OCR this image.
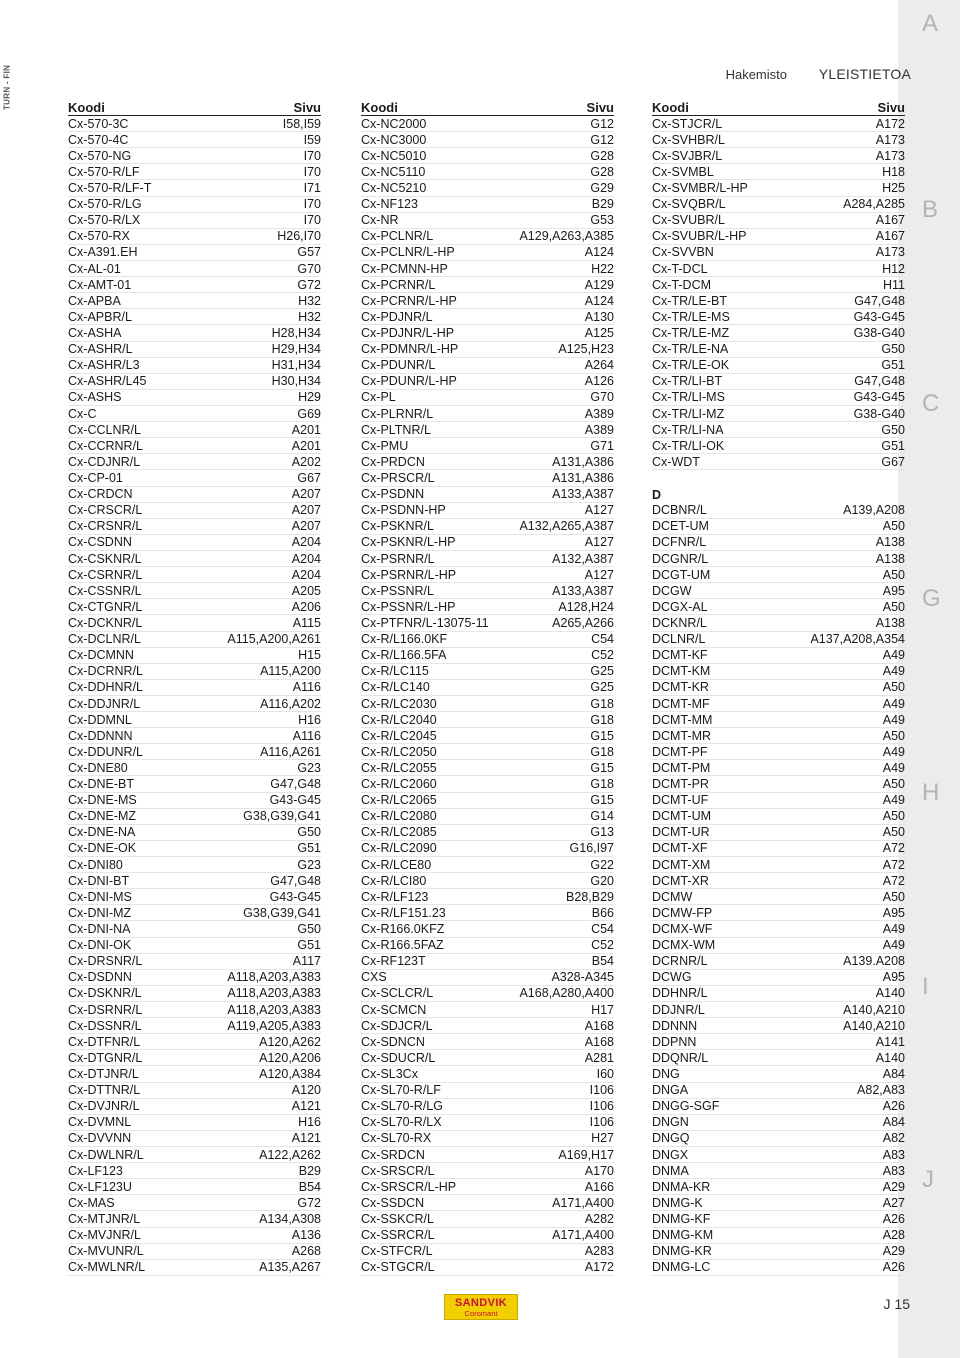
TURN - FIN
A
B
C
G
H
I
J
Hakemisto YLEISTIETOA
Koodi	Sivu
Cx-570-3C	I58,I59
Cx-570-4C	I59
Cx-570-NG	I70
Cx-570-R/LF	I70
Cx-570-R/LF-T	I71
Cx-570-R/LG	I70
Cx-570-R/LX	I70
Cx-570-RX	H26,I70
Cx-A391.EH	G57
Cx-AL-01	G70
Cx-AMT-01	G72
Cx-APBA	H32
Cx-APBR/L	H32
Cx-ASHA	H28,H34
Cx-ASHR/L	H29,H34
Cx-ASHR/L3	H31,H34
Cx-ASHR/L45	H30,H34
Cx-ASHS	H29
Cx-C	G69
Cx-CCLNR/L	A201
Cx-CCRNR/L	A201
Cx-CDJNR/L	A202
Cx-CP-01	G67
Cx-CRDCN	A207
Cx-CRSCR/L	A207
Cx-CRSNR/L	A207
Cx-CSDNN	A204
Cx-CSKNR/L	A204
Cx-CSRNR/L	A204
Cx-CSSNR/L	A205
Cx-CTGNR/L	A206
Cx-DCKNR/L	A115
Cx-DCLNR/L	A115,A200,A261
Cx-DCMNN	H15
Cx-DCRNR/L	A115,A200
Cx-DDHNR/L	A116
Cx-DDJNR/L	A116,A202
Cx-DDMNL	H16
Cx-DDNNN	A116
Cx-DDUNR/L	A116,A261
Cx-DNE80	G23
Cx-DNE-BT	G47,G48
Cx-DNE-MS	G43-G45
Cx-DNE-MZ	G38,G39,G41
Cx-DNE-NA	G50
Cx-DNE-OK	G51
Cx-DNI80	G23
Cx-DNI-BT	G47,G48
Cx-DNI-MS	G43-G45
Cx-DNI-MZ	G38,G39,G41
Cx-DNI-NA	G50
Cx-DNI-OK	G51
Cx-DRSNR/L	A117
Cx-DSDNN	A118,A203,A383
Cx-DSKNR/L	A118,A203,A383
Cx-DSRNR/L	A118,A203,A383
Cx-DSSNR/L	A119,A205,A383
Cx-DTFNR/L	A120,A262
Cx-DTGNR/L	A120,A206
Cx-DTJNR/L	A120,A384
Cx-DTTNR/L	A120
Cx-DVJNR/L	A121
Cx-DVMNL	H16
Cx-DVVNN	A121
Cx-DWLNR/L	A122,A262
Cx-LF123	B29
Cx-LF123U	B54
Cx-MAS	G72
Cx-MTJNR/L	A134,A308
Cx-MVJNR/L	A136
Cx-MVUNR/L	A268
Cx-MWLNR/L	A135,A267
Koodi	Sivu
Cx-NC2000	G12
Cx-NC3000	G12
Cx-NC5010	G28
Cx-NC5110	G28
Cx-NC5210	G29
Cx-NF123	B29
Cx-NR	G53
Cx-PCLNR/L	A129,A263,A385
Cx-PCLNR/L-HP	A124
Cx-PCMNN-HP	H22
Cx-PCRNR/L	A129
Cx-PCRNR/L-HP	A124
Cx-PDJNR/L	A130
Cx-PDJNR/L-HP	A125
Cx-PDMNR/L-HP	A125,H23
Cx-PDUNR/L	A264
Cx-PDUNR/L-HP	A126
Cx-PL	G70
Cx-PLRNR/L	A389
Cx-PLTNR/L	A389
Cx-PMU	G71
Cx-PRDCN	A131,A386
Cx-PRSCR/L	A131,A386
Cx-PSDNN	A133,A387
Cx-PSDNN-HP	A127
Cx-PSKNR/L	A132,A265,A387
Cx-PSKNR/L-HP	A127
Cx-PSRNR/L	A132,A387
Cx-PSRNR/L-HP	A127
Cx-PSSNR/L	A133,A387
Cx-PSSNR/L-HP	A128,H24
Cx-PTFNR/L-13075-11	A265,A266
Cx-R/L166.0KF	C54
Cx-R/L166.5FA	C52
Cx-R/LC115	G25
Cx-R/LC140	G25
Cx-R/LC2030	G18
Cx-R/LC2040	G18
Cx-R/LC2045	G15
Cx-R/LC2050	G18
Cx-R/LC2055	G15
Cx-R/LC2060	G18
Cx-R/LC2065	G15
Cx-R/LC2080	G14
Cx-R/LC2085	G13
Cx-R/LC2090	G16,I97
Cx-R/LCE80	G22
Cx-R/LCI80	G20
Cx-R/LF123	B28,B29
Cx-R/LF151.23	B66
Cx-R166.0KFZ	C54
Cx-R166.5FAZ	C52
Cx-RF123T	B54
CXS	A328-A345
Cx-SCLCR/L	A168,A280,A400
Cx-SCMCN	H17
Cx-SDJCR/L	A168
Cx-SDNCN	A168
Cx-SDUCR/L	A281
Cx-SL3Cx	I60
Cx-SL70-R/LF	I106
Cx-SL70-R/LG	I106
Cx-SL70-R/LX	I106
Cx-SL70-RX	H27
Cx-SRDCN	A169,H17
Cx-SRSCR/L	A170
Cx-SRSCR/L-HP	A166
Cx-SSDCN	A171,A400
Cx-SSKCR/L	A282
Cx-SSRCR/L	A171,A400
Cx-STFCR/L	A283
Cx-STGCR/L	A172
Koodi	Sivu
Cx-STJCR/L	A172
Cx-SVHBR/L	A173
Cx-SVJBR/L	A173
Cx-SVMBL	H18
Cx-SVMBR/L-HP	H25
Cx-SVQBR/L	A284,A285
Cx-SVUBR/L	A167
Cx-SVUBR/L-HP	A167
Cx-SVVBN	A173
Cx-T-DCL	H12
Cx-T-DCM	H11
Cx-TR/LE-BT	G47,G48
Cx-TR/LE-MS	G43-G45
Cx-TR/LE-MZ	G38-G40
Cx-TR/LE-NA	G50
Cx-TR/LE-OK	G51
Cx-TR/LI-BT	G47,G48
Cx-TR/LI-MS	G43-G45
Cx-TR/LI-MZ	G38-G40
Cx-TR/LI-NA	G50
Cx-TR/LI-OK	G51
Cx-WDT	G67
D
DCBNR/L	A139,A208
DCET-UM	A50
DCFNR/L	A138
DCGNR/L	A138
DCGT-UM	A50
DCGW	A95
DCGX-AL	A50
DCKNR/L	A138
DCLNR/L	A137,A208,A354
DCMT-KF	A49
DCMT-KM	A49
DCMT-KR	A50
DCMT-MF	A49
DCMT-MM	A49
DCMT-MR	A50
DCMT-PF	A49
DCMT-PM	A49
DCMT-PR	A50
DCMT-UF	A49
DCMT-UM	A50
DCMT-UR	A50
DCMT-XF	A72
DCMT-XM	A72
DCMT-XR	A72
DCMW	A50
DCMW-FP	A95
DCMX-WF	A49
DCMX-WM	A49
DCRNR/L	A139.A208
DCWG	A95
DDHNR/L	A140
DDJNR/L	A140,A210
DDNNN	A140,A210
DDPNN	A141
DDQNR/L	A140
DNG	A84
DNGA	A82,A83
DNGG-SGF	A26
DNGN	A84
DNGQ	A82
DNGX	A83
DNMA	A83
DNMA-KR	A29
DNMG-K	A27
DNMG-KF	A26
DNMG-KM	A28
DNMG-KR	A29
DNMG-LC	A26
SANDVIK
Coromant
J 15
